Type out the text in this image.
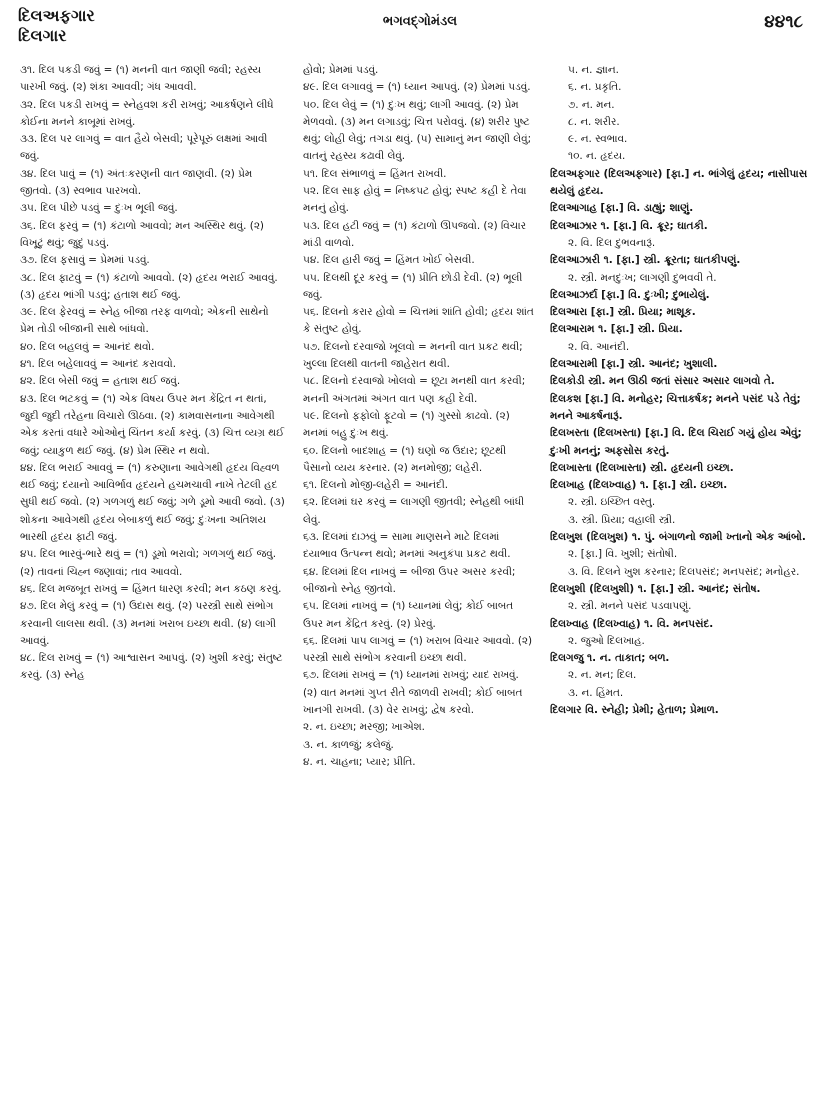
દિલઅફગાર
દિલગાર
ભગવદ્ગોમંડલ	૪૪૧૮

૩૧. દિલ પકડી જવું = (૧) મનની વાત જાણી જવી; રહસ્ય પારખી જવું. (૨) શંકા આવવી; ગંધ આવવી.

૩૨. દિલ પકડી રાખવું = સ્નેહવશ કરી રાખવું; આકર્ષણને લીધે કોઈના મનને કાબૂમાં રાખવું.

૩૩. દિલ પર લાગવું = વાત હૈયે બેસવી; પૂરેપૂરું લક્ષમાં આવી જવું.

૩૪. દિલ પાવું = (૧) અંતઃકરણની વાત જાણવી. (૨) પ્રેમ જીતવો. (૩) સ્વભાવ પારખવો.

૩૫. દિલ પીછે પડવું = દુઃખ ભૂલી જવું.

૩૬. દિલ ફરવું = (૧) કંટાળો આવવો; મન અસ્થિર થવું. (૨) વિખૂટું થવું; જુદું પડવું.

૩૭. દિલ ફસાવું = પ્રેમમાં પડવું.

૩૮. દિલ ફાટવું = (૧) કંટાળો આવવો. (૨) હૃદય ભરાઈ આવવું. (૩) હૃદય ભાંગી પડવું; હતાશ થઈ જવું.

૩૯. દિલ ફેરવવું = સ્નેહ બીજા તરફ વાળવો; એકની સાથેનો પ્રેમ તોડી બીજાની સાથે બાંધવો.

૪૦. દિલ બહલવું = આનંદ થવો.

૪૧. દિલ બહેલાવવું = આનંદ કરાવવો.

૪૨. દિલ બેસી જવું = હતાશ થઈ જવું.

૪૩. દિલ ભટકવું = (૧) એક વિષય ઉપર મન કેંદ્રિત ન થતાં, જુદી જુદી તરેહના વિચારો ઊઠવા. (૨) કામવાસનાના આવેગથી એક કરતાં વધારે ઓઓનું ચિંતન કર્યા કરવું. (૩) ચિત્ત વ્યગ્ર થઈ જવું; વ્યાકુળ થઈ જવું. (૪) પ્રેમ સ્થિર ન થવો.

૪૪. દિલ ભરાઈ આવવું = (૧) કરુણાના આવેગથી હૃદય વિહ્વળ થઈ જવું; દયાનો આવિર્ભાવ હૃદયને હચમચાવી નાખે તેટલી હદ સુધી થઈ જવો. (૨) ગળગળું થઈ જવું; ગળે ડૂમો આવી જવો. (૩) શોકના આવેગથી હૃદય બેબાકળું થઈ જવું; દુઃખના અતિશય ભારથી હૃદય ફાટી જવું.

૪૫. દિલ ભારવું-ભારે થવું = (૧) ડૂમો ભરાવો; ગળગળું થઈ જવું. (૨) તાવનાં ચિહ્ન જણાવાં; તાવ આવવો.

૪૬. દિલ મજબૂત રાખવું = હિંમત ધારણ કરવી; મન કઠણ કરવું.

૪૭. દિલ મેલું કરવું = (૧) ઉદાસ થવું. (૨) પરસ્ત્રી સાથે સંભોગ કરવાની લાલસા થવી. (૩) મનમાં ખરાબ ઇચ્છા થવી. (૪) લાગી આવવું.

૪૮. દિલ રાખવું = (૧) આશ્વાસન આપવું. (૨) ખુશી કરવું; સંતુષ્ટ કરવું. (૩) સ્નેહ

હોવો; પ્રેમમાં પડવું.

૪૯. દિલ લગાવવું = (૧) ધ્યાન આપવું. (૨) પ્રેમમાં પડવું.

૫૦. દિલ લેવું = (૧) દુઃખ થવું; લાગી આવવું. (૨) પ્રેમ મેળવવો. (૩) મન લગાડવું; ચિત્ત પરોવવું. (૪) શરીર પુષ્ટ થવું; લોહી લેવું; તગડા થવું. (૫) સામાનું મન જાણી લેવું; વાતનું રહસ્ય કઢાવી લેવું.

૫૧. દિલ સંભાળવું = હિંમત રાખવી.

૫૨. દિલ સાફ હોવું = નિષ્કપટ હોવું; સ્પષ્ટ કહી દે તેવા મનનું હોવું.

૫૩. દિલ હટી જવું = (૧) કંટાળો ઊપજવો. (૨) વિચાર માંડી વાળવો.

૫૪. દિલ હારી જવું = હિંમત ખોઈ બેસવી.

૫૫. દિલથી દૂર કરવું = (૧) પ્રીતિ છોડી દેવી. (૨) ભૂલી જવું.

૫૬. દિલનો કરાર હોવો = ચિત્તમાં શાંતિ હોવી; હૃદય શાંત કે સંતુષ્ટ હોવું.

૫૭. દિલનો દરવાજો ખૂલવો = મનની વાત પ્રકટ થવી; ખુલ્લા દિલથી વાતની જાહેરાત થવી.

૫૮. દિલનો દરવાજો ખોલવો = છૂટા મનથી વાત કરવી; મનની અંગતમાં અંગત વાત પણ કહી દેવી.

૫૯. દિલનો ફફોલો ફૂટવો = (૧) ગુસ્સો કાઢવો. (૨) મનમાં બહુ દુઃખ થવું.

૬૦. દિલનો બાદશાહ = (૧) ઘણો જ ઉદાર; છૂટથી પૈસાનો વ્યય કરનાર. (૨) મનમોજી; લહેરી.

૬૧. દિલનો મોજી-લહેરી = આનંદી.

૬૨. દિલમાં ઘર કરવું = લાગણી જીતવી; સ્નેહથી બાંધી લેવું.

૬૩. દિલમાં દાઝવું = સામા માણસને માટે દિલમાં દયાભાવ ઉત્પન્ન થવો; મનમાં અનુકંપા પ્રકટ થવી.

૬૪. દિલમાં દિલ નાખવું = બીજા ઉપર અસર કરવી; બીજાનો સ્નેહ જીતવો.

૬૫. દિલમાં નાખવું = (૧) ધ્યાનમાં લેવું; કોઈ બાબત ઉપર મન કેંદ્રિત કરવું. (૨) પ્રેરવું.

૬૬. દિલમાં પાપ લાગવું = (૧) ખરાબ વિચાર આવવો. (૨) પરસ્ત્રી સાથે સંભોગ કરવાની ઇચ્છા થવી.

૬૭. દિલમાં રાખવું = (૧) ધ્યાનમાં રાખવું; યાદ રાખવું. (૨) વાત મનમાં ગુપ્ત રીતે જાળવી રાખવી; કોઈ બાબત ખાનગી રાખવી. (૩) વેર રાખવું; દ્વેષ કરવો.

૨. ન. ઇચ્છા; મરજી; ખાએશ.

૩. ન. કાળજું; કલેજું.

૪. ન. ચાહના; પ્યાર; પ્રીતિ.

૫. ન. જ્ઞાન.

૬. ન. પ્રકૃતિ.

૭. ન. મન.

૮. ન. શરીર.

૯. ન. સ્વભાવ.

૧૦. ન. હૃદય.

દિલઅફગાર (દિલઅફ્ગાર) [ફા.] ન. ભાંગેલું હૃદય; નાસીપાસ થયેલું હૃદય.

દિલઆગાહ [ફા.] વિ. ડાહ્યું; શાણું.

દિલઆઝાર ૧. [ફા.] વિ. ક્રૂર; ઘાતકી.

૨. વિ. દિલ દુભવનારૂં.

દિલઆઝારી ૧. [ફા.] સ્ત્રી. ક્રૂરતા; ઘાતકીપણું.

૨. સ્ત્રી. મનદુઃખ; લાગણી દુભવવી તે.

દિલઆઝર્દા [ફા.] વિ. દુઃખી; દુભાયેલું.

દિલઆરા [ફા.] સ્ત્રી. પ્રિયા; માશૂક.

દિલઆરામ ૧. [ફા.] સ્ત્રી. પ્રિયા.

૨. વિ. આનંદી.

દિલઆરામી [ફા.] સ્ત્રી. આનંદ; ખુશાલી.

દિલકોડી સ્ત્રી. મન ઊઠી જતાં સંસાર અસાર લાગવો તે.

દિલકશ [ફા.] વિ. મનોહર; ચિત્તાકર્ષક; મનને પસંદ પડે તેવું; મનને આકર્ષનારૂં.

દિલખસ્તા (દિલખસ્તા) [ફા.] વિ. દિલ ચિરાઈ ગયું હોય એવું; દુઃખી મનનું; અફસોસ કરતું.

દિલખાસ્તા (દિલખાસ્તા) સ્ત્રી. હૃદયની ઇચ્છા.

દિલખાહ (દિલખ્વાહ) ૧. [ફા.] સ્ત્રી. ઇચ્છા.

૨. સ્ત્રી. ઇચ્છિત વસ્તુ.

૩. સ્ત્રી. પ્રિયા; વહાલી સ્ત્રી.

દિલખુશ (દિલખુશ) ૧. પું. બંગાળનો જામી ખ્તાનો એક આંબો.

૨. [ફા.] વિ. ખુશી; સંતોષી.

૩. વિ. દિલને ખુશ કરનાર; દિલપસંદ; મનપસંદ; મનોહર.

દિલખુશી (દિલખુશી) ૧. [ફા.] સ્ત્રી. આનંદ; સંતોષ.

૨. સ્ત્રી. મનને પસંદ પડવાપણું.

દિલખ્વાહ (દિલખ્વાહ) ૧. વિ. મનપસંદ.

૨. જુઓ દિલખાહ.

દિલગજુ ૧. ન. તાકાત; બળ.

૨. ન. મન; દિલ.

૩. ન. હિંમત.

દિલગાર વિ. સ્નેહી; પ્રેમી; હેતાળ; પ્રેમાળ.
